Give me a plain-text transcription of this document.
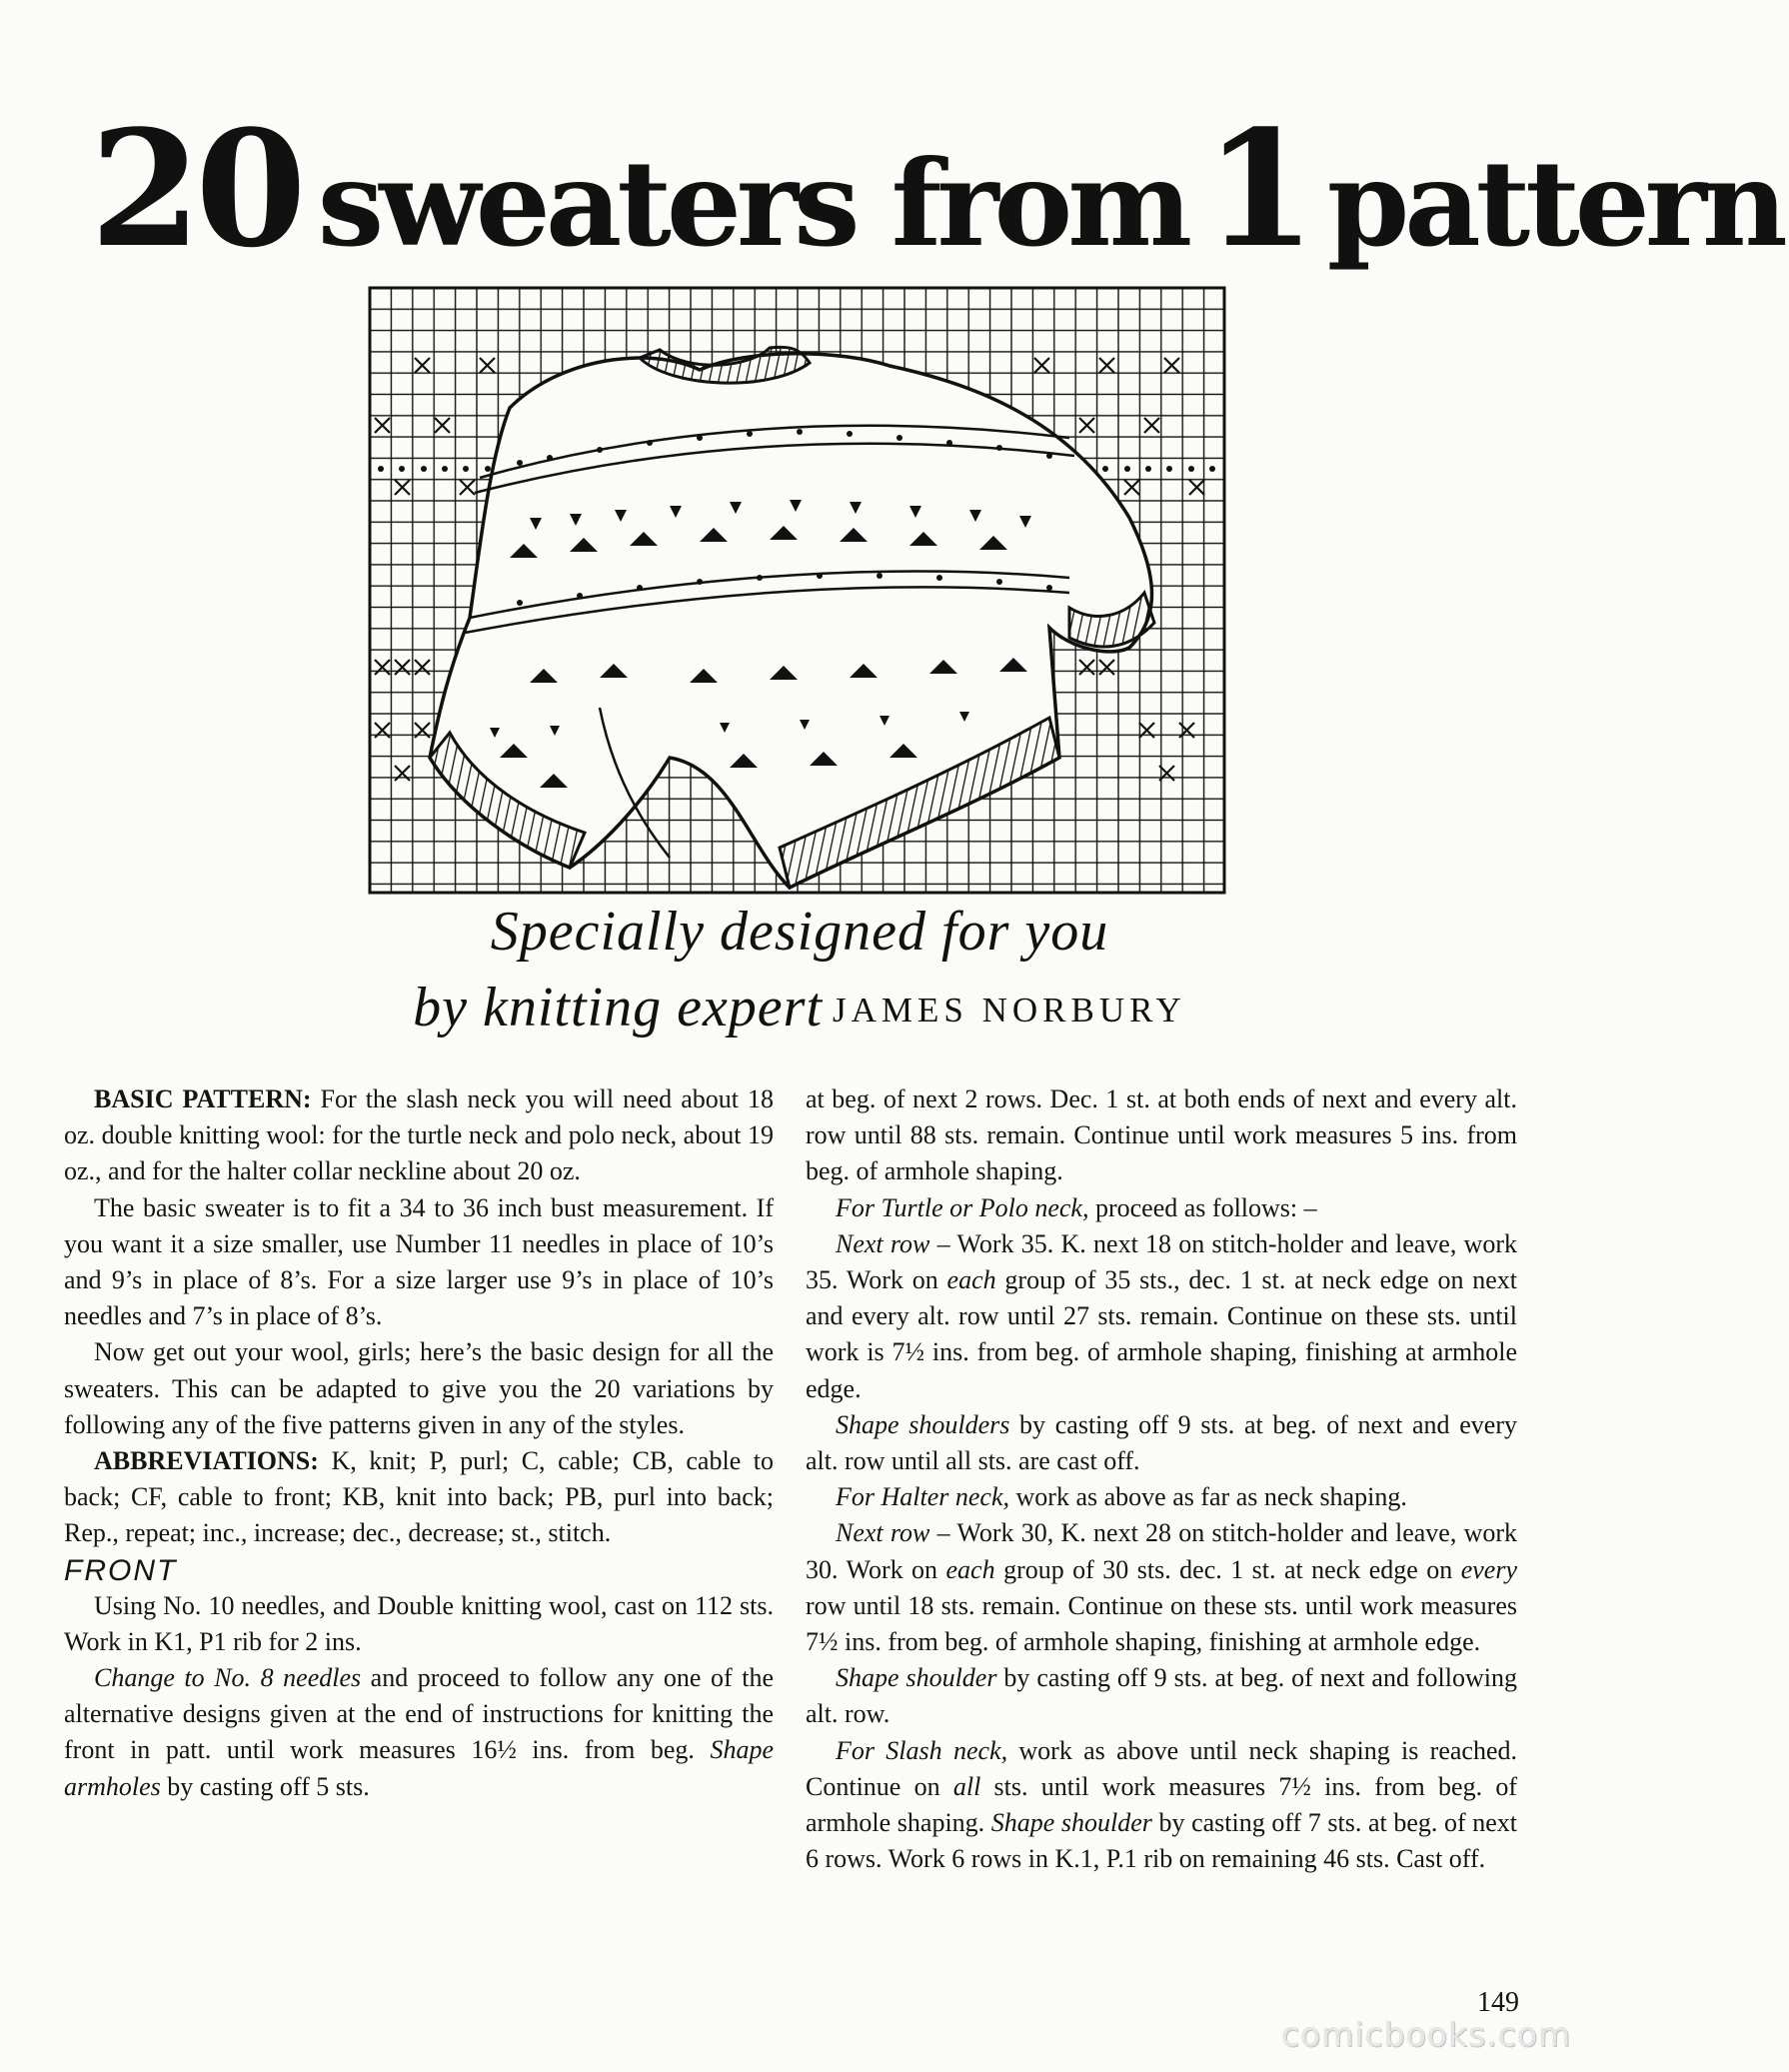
20 sweaters from 1 pattern

Specially designed for you

by knitting expert JAMES NORBURY

BASIC PATTERN: For the slash neck you will need about 18 oz. double knitting wool: for the turtle neck and polo neck, about 19 oz., and for the halter collar neckline about 20 oz.

The basic sweater is to fit a 34 to 36 inch bust measurement. If you want it a size smaller, use Number 11 needles in place of 10’s and 9’s in place of 8’s. For a size larger use 9’s in place of 10’s needles and 7’s in place of 8’s.

Now get out your wool, girls; here’s the basic design for all the sweaters. This can be adapted to give you the 20 variations by following any of the five patterns given in any of the styles.

ABBREVIATIONS: K, knit; P, purl; C, cable; CB, cable to back; CF, cable to front; KB, knit into back; PB, purl into back; Rep., repeat; inc., increase; dec., decrease; st., stitch.

FRONT

Using No. 10 needles, and Double knitting wool, cast on 112 sts. Work in K1, P1 rib for 2 ins.

Change to No. 8 needles and proceed to follow any one of the alternative designs given at the end of instructions for knitting the front in patt. until work measures 16½ ins. from beg. Shape armholes by casting off 5 sts.

at beg. of next 2 rows. Dec. 1 st. at both ends of next and every alt. row until 88 sts. remain. Continue until work measures 5 ins. from beg. of armhole shaping.

For Turtle or Polo neck, proceed as follows: –

Next row – Work 35. K. next 18 on stitch-holder and leave, work 35. Work on each group of 35 sts., dec. 1 st. at neck edge on next and every alt. row until 27 sts. remain. Continue on these sts. until work is 7½ ins. from beg. of armhole shaping, finishing at armhole edge.

Shape shoulders by casting off 9 sts. at beg. of next and every alt. row until all sts. are cast off.

For Halter neck, work as above as far as neck shaping.

Next row – Work 30, K. next 28 on stitch-holder and leave, work 30. Work on each group of 30 sts. dec. 1 st. at neck edge on every row until 18 sts. remain. Continue on these sts. until work measures 7½ ins. from beg. of armhole shaping, finishing at armhole edge.

Shape shoulder by casting off 9 sts. at beg. of next and following alt. row.

For Slash neck, work as above until neck shaping is reached. Continue on all sts. until work measures 7½ ins. from beg. of armhole shaping. Shape shoulder by casting off 7 sts. at beg. of next 6 rows. Work 6 rows in K.1, P.1 rib on remaining 46 sts. Cast off.

149
comicbooks.com
